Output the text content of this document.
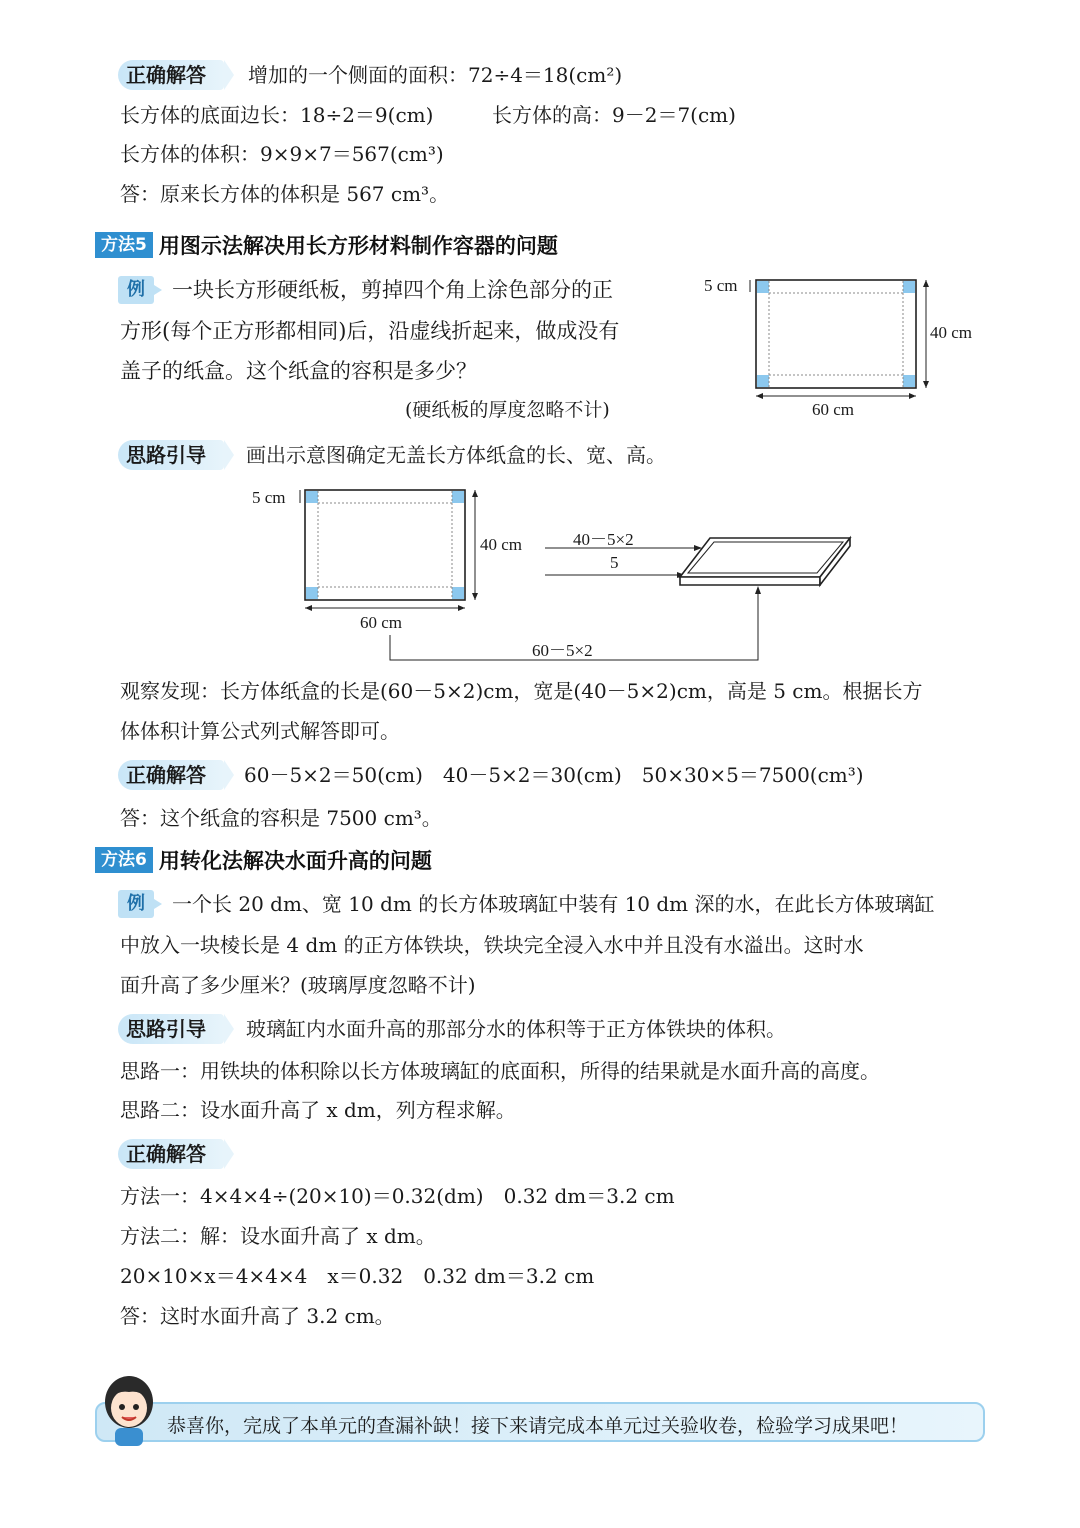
正确解答	增加的一个侧面的面积：72÷4＝18(cm²)
长方体的底面边长：18÷2＝9(cm)	长方体的高：9－2＝7(cm)
长方体的体积：9×9×7＝567(cm³)
答：原来长方体的体积是 567 cm³。
方法5 用图示法解决用长方形材料制作容器的问题
例	一块长方形硬纸板，剪掉四个角上涂色部分的正
方形(每个正方形都相同)后，沿虚线折起来，做成没有
盖子的纸盒。这个纸盒的容积是多少？
(硬纸板的厚度忽略不计)
5 cm
40 cm
60 cm
思路引导	画出示意图确定无盖长方体纸盒的长、宽、高。
5 cm
40 cm
60 cm
40－5×2
5
60－5×2
观察发现：长方体纸盒的长是(60－5×2)cm，宽是(40－5×2)cm，高是 5 cm。根据长方
体体积计算公式列式解答即可。
正确解答	60－5×2＝50(cm)　40－5×2＝30(cm)　50×30×5＝7500(cm³)
答：这个纸盒的容积是 7500 cm³。
方法6 用转化法解决水面升高的问题
例	一个长 20 dm、宽 10 dm 的长方体玻璃缸中装有 10 dm 深的水，在此长方体玻璃缸
中放入一块棱长是 4 dm 的正方体铁块，铁块完全浸入水中并且没有水溢出。这时水
面升高了多少厘米？(玻璃厚度忽略不计)
思路引导	玻璃缸内水面升高的那部分水的体积等于正方体铁块的体积。
思路一：用铁块的体积除以长方体玻璃缸的底面积，所得的结果就是水面升高的高度。
思路二：设水面升高了 x dm，列方程求解。
正确解答
方法一：4×4×4÷(20×10)＝0.32(dm)　0.32 dm＝3.2 cm
方法二：解：设水面升高了 x dm。
20×10×x＝4×4×4　x＝0.32　0.32 dm＝3.2 cm
答：这时水面升高了 3.2 cm。
恭喜你，完成了本单元的查漏补缺！接下来请完成本单元过关验收卷，检验学习成果吧！
